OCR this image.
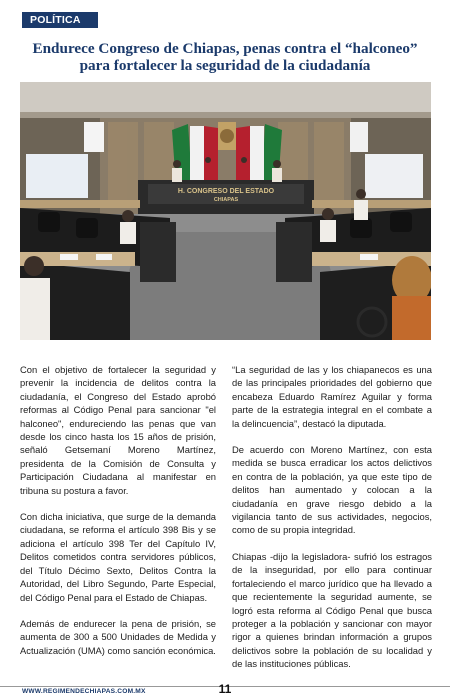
POLÍTICA
Endurece Congreso de Chiapas, penas contra el “halconeo”
para fortalecer la seguridad de la ciudadanía
H. CONGRESO DEL ESTADO
CHIAPAS

Con el objetivo de fortalecer la seguridad y prevenir la incidencia de delitos contra la ciudadanía, el Congreso del Estado aprobó reformas al Código Penal para sancionar "el halconeo", endureciendo las penas que van desde los cinco hasta los 15 años de prisión, señaló Getsemaní Moreno Martínez, presidenta de la Comisión de Consulta y Participación Ciudadana al manifestar en tribuna su postura a favor.

Con dicha iniciativa, que surge de la demanda ciudadana, se reforma el artículo 398 Bis y se adiciona el artículo 398 Ter del Capítulo IV, Delitos cometidos contra servidores públicos, del Título Décimo Sexto, Delitos Contra la Autoridad, del Libro Segundo, Parte Especial, del Código Penal para el Estado de Chiapas.

Además de endurecer la pena de prisión, se aumenta de 300 a 500 Unidades de Medida y Actualización (UMA) como sanción económica.

“La seguridad de las y los chiapanecos es una de las principales prioridades del gobierno que encabeza Eduardo Ramírez Aguilar y forma parte de la estrategia integral en el combate a la delincuencia”, destacó la diputada.

De acuerdo con Moreno Martínez, con esta medida se busca erradicar los actos delictivos en contra de la población, ya que este tipo de delitos han aumentado y colocan a la ciudadanía en grave riesgo debido a la vigilancia tanto de sus actividades, negocios, como de su propia integridad.

Chiapas -dijo la legisladora- sufrió los estragos de la inseguridad, por ello para continuar fortaleciendo el marco jurídico que ha llevado a que recientemente la seguridad aumente, se logró esta reforma al Código Penal que busca proteger a la población y sancionar con mayor rigor a quienes brindan información a grupos delictivos sobre la población de su localidad y de las instituciones públicas.

WWW.REGIMENDECHIAPAS.COM.MX	11
